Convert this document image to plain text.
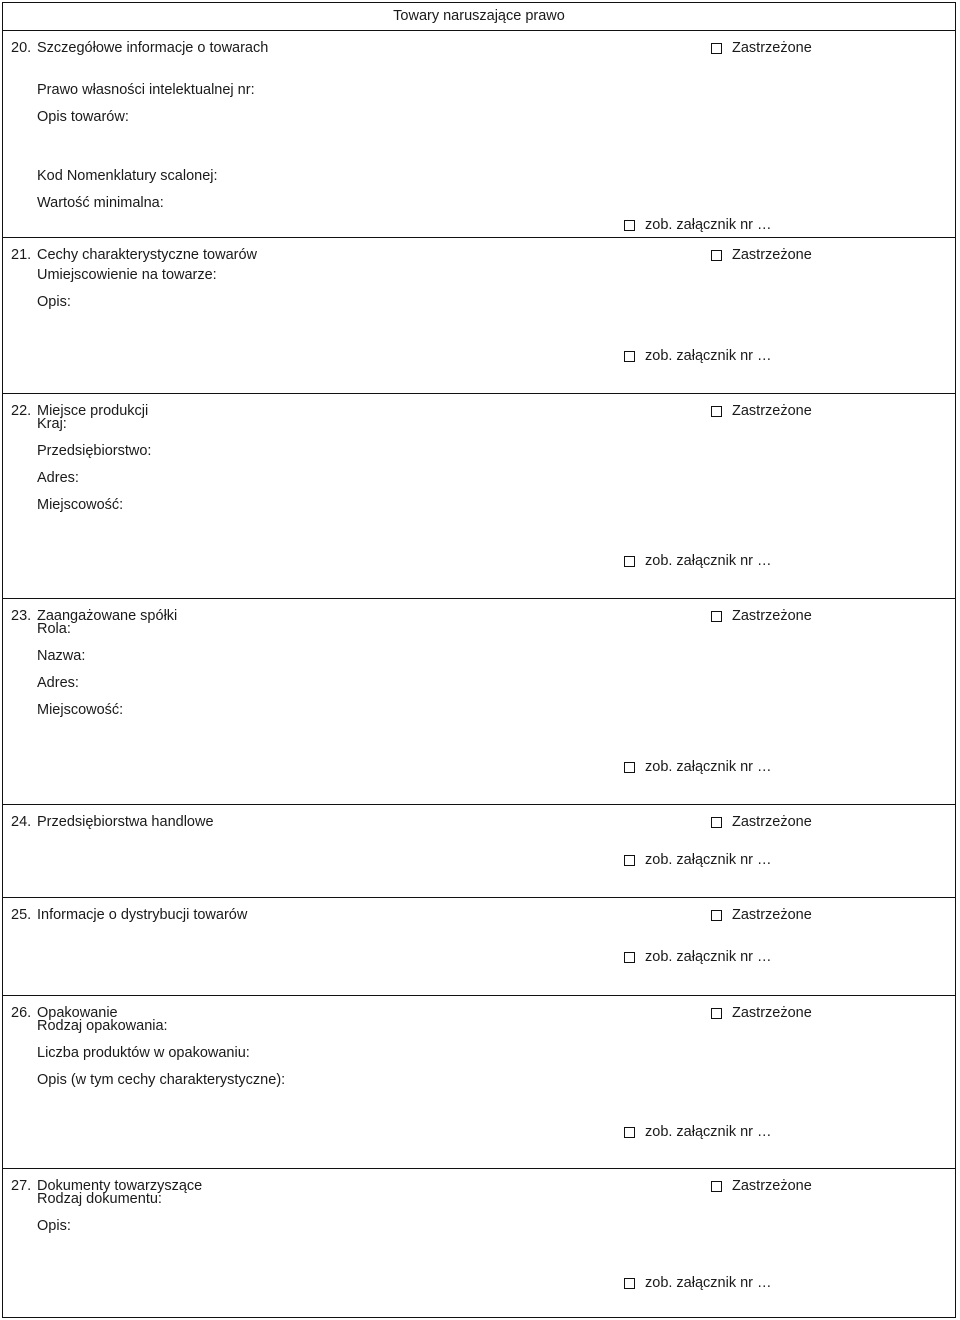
Towary naruszające prawo
20. Szczegółowe informacje o towarach	Zastrzeżone
Prawo własności intelektualnej nr:
Opis towarów:
Kod Nomenklatury scalonej:
Wartość minimalna:
zob. załącznik nr …
21. Cechy charakterystyczne towarów	Zastrzeżone
Umiejscowienie na towarze:
Opis:
zob. załącznik nr …
22. Miejsce produkcji	Zastrzeżone
Kraj:
Przedsiębiorstwo:
Adres:
Miejscowość:
zob. załącznik nr …
23. Zaangażowane spółki	Zastrzeżone
Rola:
Nazwa:
Adres:
Miejscowość:
zob. załącznik nr …
24. Przedsiębiorstwa handlowe	Zastrzeżone
zob. załącznik nr …
25. Informacje o dystrybucji towarów	Zastrzeżone
zob. załącznik nr …
26. Opakowanie	Zastrzeżone
Rodzaj opakowania:
Liczba produktów w opakowaniu:
Opis (w tym cechy charakterystyczne):
zob. załącznik nr …
27. Dokumenty towarzyszące	Zastrzeżone
Rodzaj dokumentu:
Opis:
zob. załącznik nr …
